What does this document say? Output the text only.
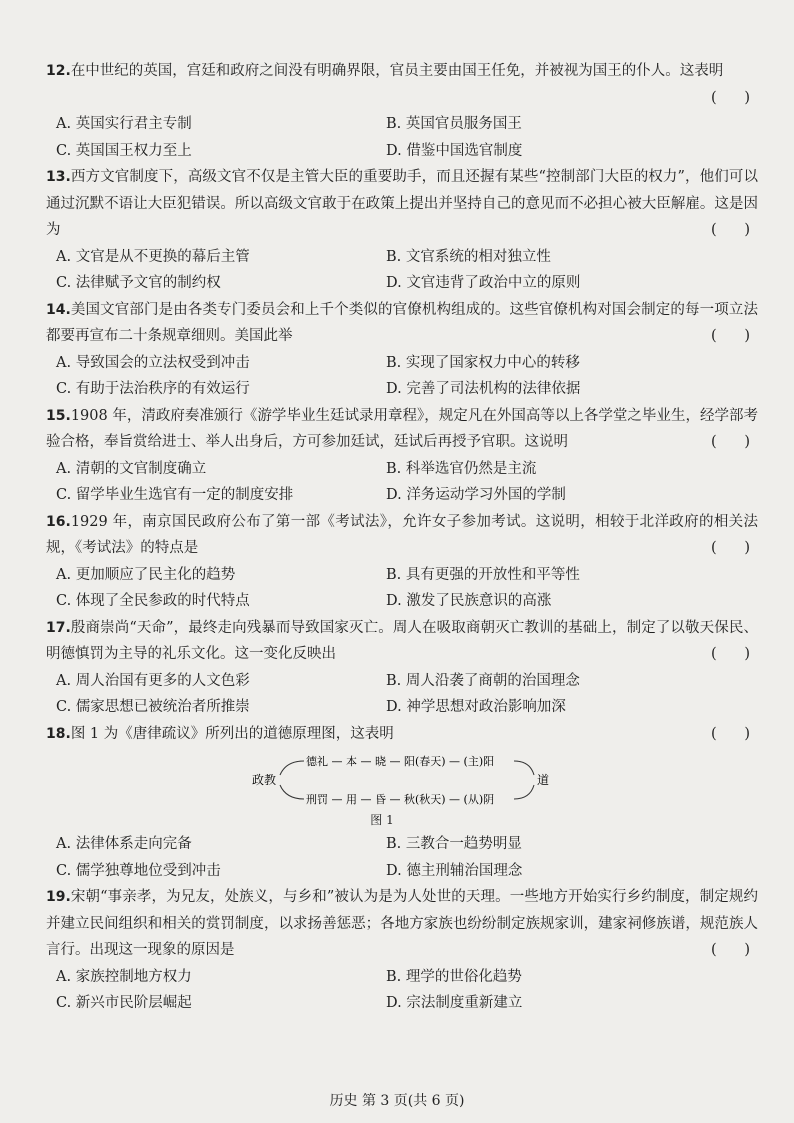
12.在中世纪的英国，宫廷和政府之间没有明确界限，官员主要由国王任免，并被视为国王的仆人。这表明

(      )
A. 英国实行君主专制	B. 英国官员服务国王
C. 英国国王权力至上	D. 借鉴中国选官制度

13.西方文官制度下，高级文官不仅是主管大臣的重要助手，而且还握有某些“控制部门大臣的权力”，他们可以通过沉默不语让大臣犯错误。所以高级文官敢于在政策上提出并坚持自己的意见而不必担心被大臣解雇。这是因为	(      )
A. 文官是从不更换的幕后主管	B. 文官系统的相对独立性
C. 法律赋予文官的制约权	D. 文官违背了政治中立的原则

14.美国文官部门是由各类专门委员会和上千个类似的官僚机构组成的。这些官僚机构对国会制定的每一项立法都要再宣布二十条规章细则。美国此举	(      )
A. 导致国会的立法权受到冲击	B. 实现了国家权力中心的转移
C. 有助于法治秩序的有效运行	D. 完善了司法机构的法律依据

15.1908 年，清政府奏准颁行《游学毕业生廷试录用章程》，规定凡在外国高等以上各学堂之毕业生，经学部考验合格，奉旨赏给进士、举人出身后，方可参加廷试，廷试后再授予官职。这说明	(      )
A. 清朝的文官制度确立	B. 科举选官仍然是主流
C. 留学毕业生选官有一定的制度安排	D. 洋务运动学习外国的学制

16.1929 年，南京国民政府公布了第一部《考试法》，允许女子参加考试。这说明，相较于北洋政府的相关法规，《考试法》的特点是	(      )
A. 更加顺应了民主化的趋势	B. 具有更强的开放性和平等性
C. 体现了全民参政的时代特点	D. 激发了民族意识的高涨

17.殷商崇尚“天命”，最终走向残暴而导致国家灭亡。周人在吸取商朝灭亡教训的基础上，制定了以敬天保民、明德慎罚为主导的礼乐文化。这一变化反映出	(      )
A. 周人治国有更多的人文色彩	B. 周人沿袭了商朝的治国理念
C. 儒家思想已被统治者所推崇	D. 神学思想对政治影响加深
18.图 1 为《唐律疏议》所列出的道德原理图，这表明	(      )
政教
德礼 — 本 — 晓 — 阳(春天) — (主)阳
刑罚 — 用 — 昏 — 秋(秋天) — (从)阴
道
图 1
A. 法律体系走向完备	B. 三教合一趋势明显
C. 儒学独尊地位受到冲击	D. 德主刑辅治国理念

19.宋朝“事亲孝，为兄友，处族义，与乡和”被认为是为人处世的天理。一些地方开始实行乡约制度，制定规约并建立民间组织和相关的赏罚制度，以求扬善惩恶；各地方家族也纷纷制定族规家训，建家祠修族谱，规范族人言行。出现这一现象的原因是	(      )
A. 家族控制地方权力	B. 理学的世俗化趋势
C. 新兴市民阶层崛起	D. 宗法制度重新建立
历史 第 3 页(共 6 页)
